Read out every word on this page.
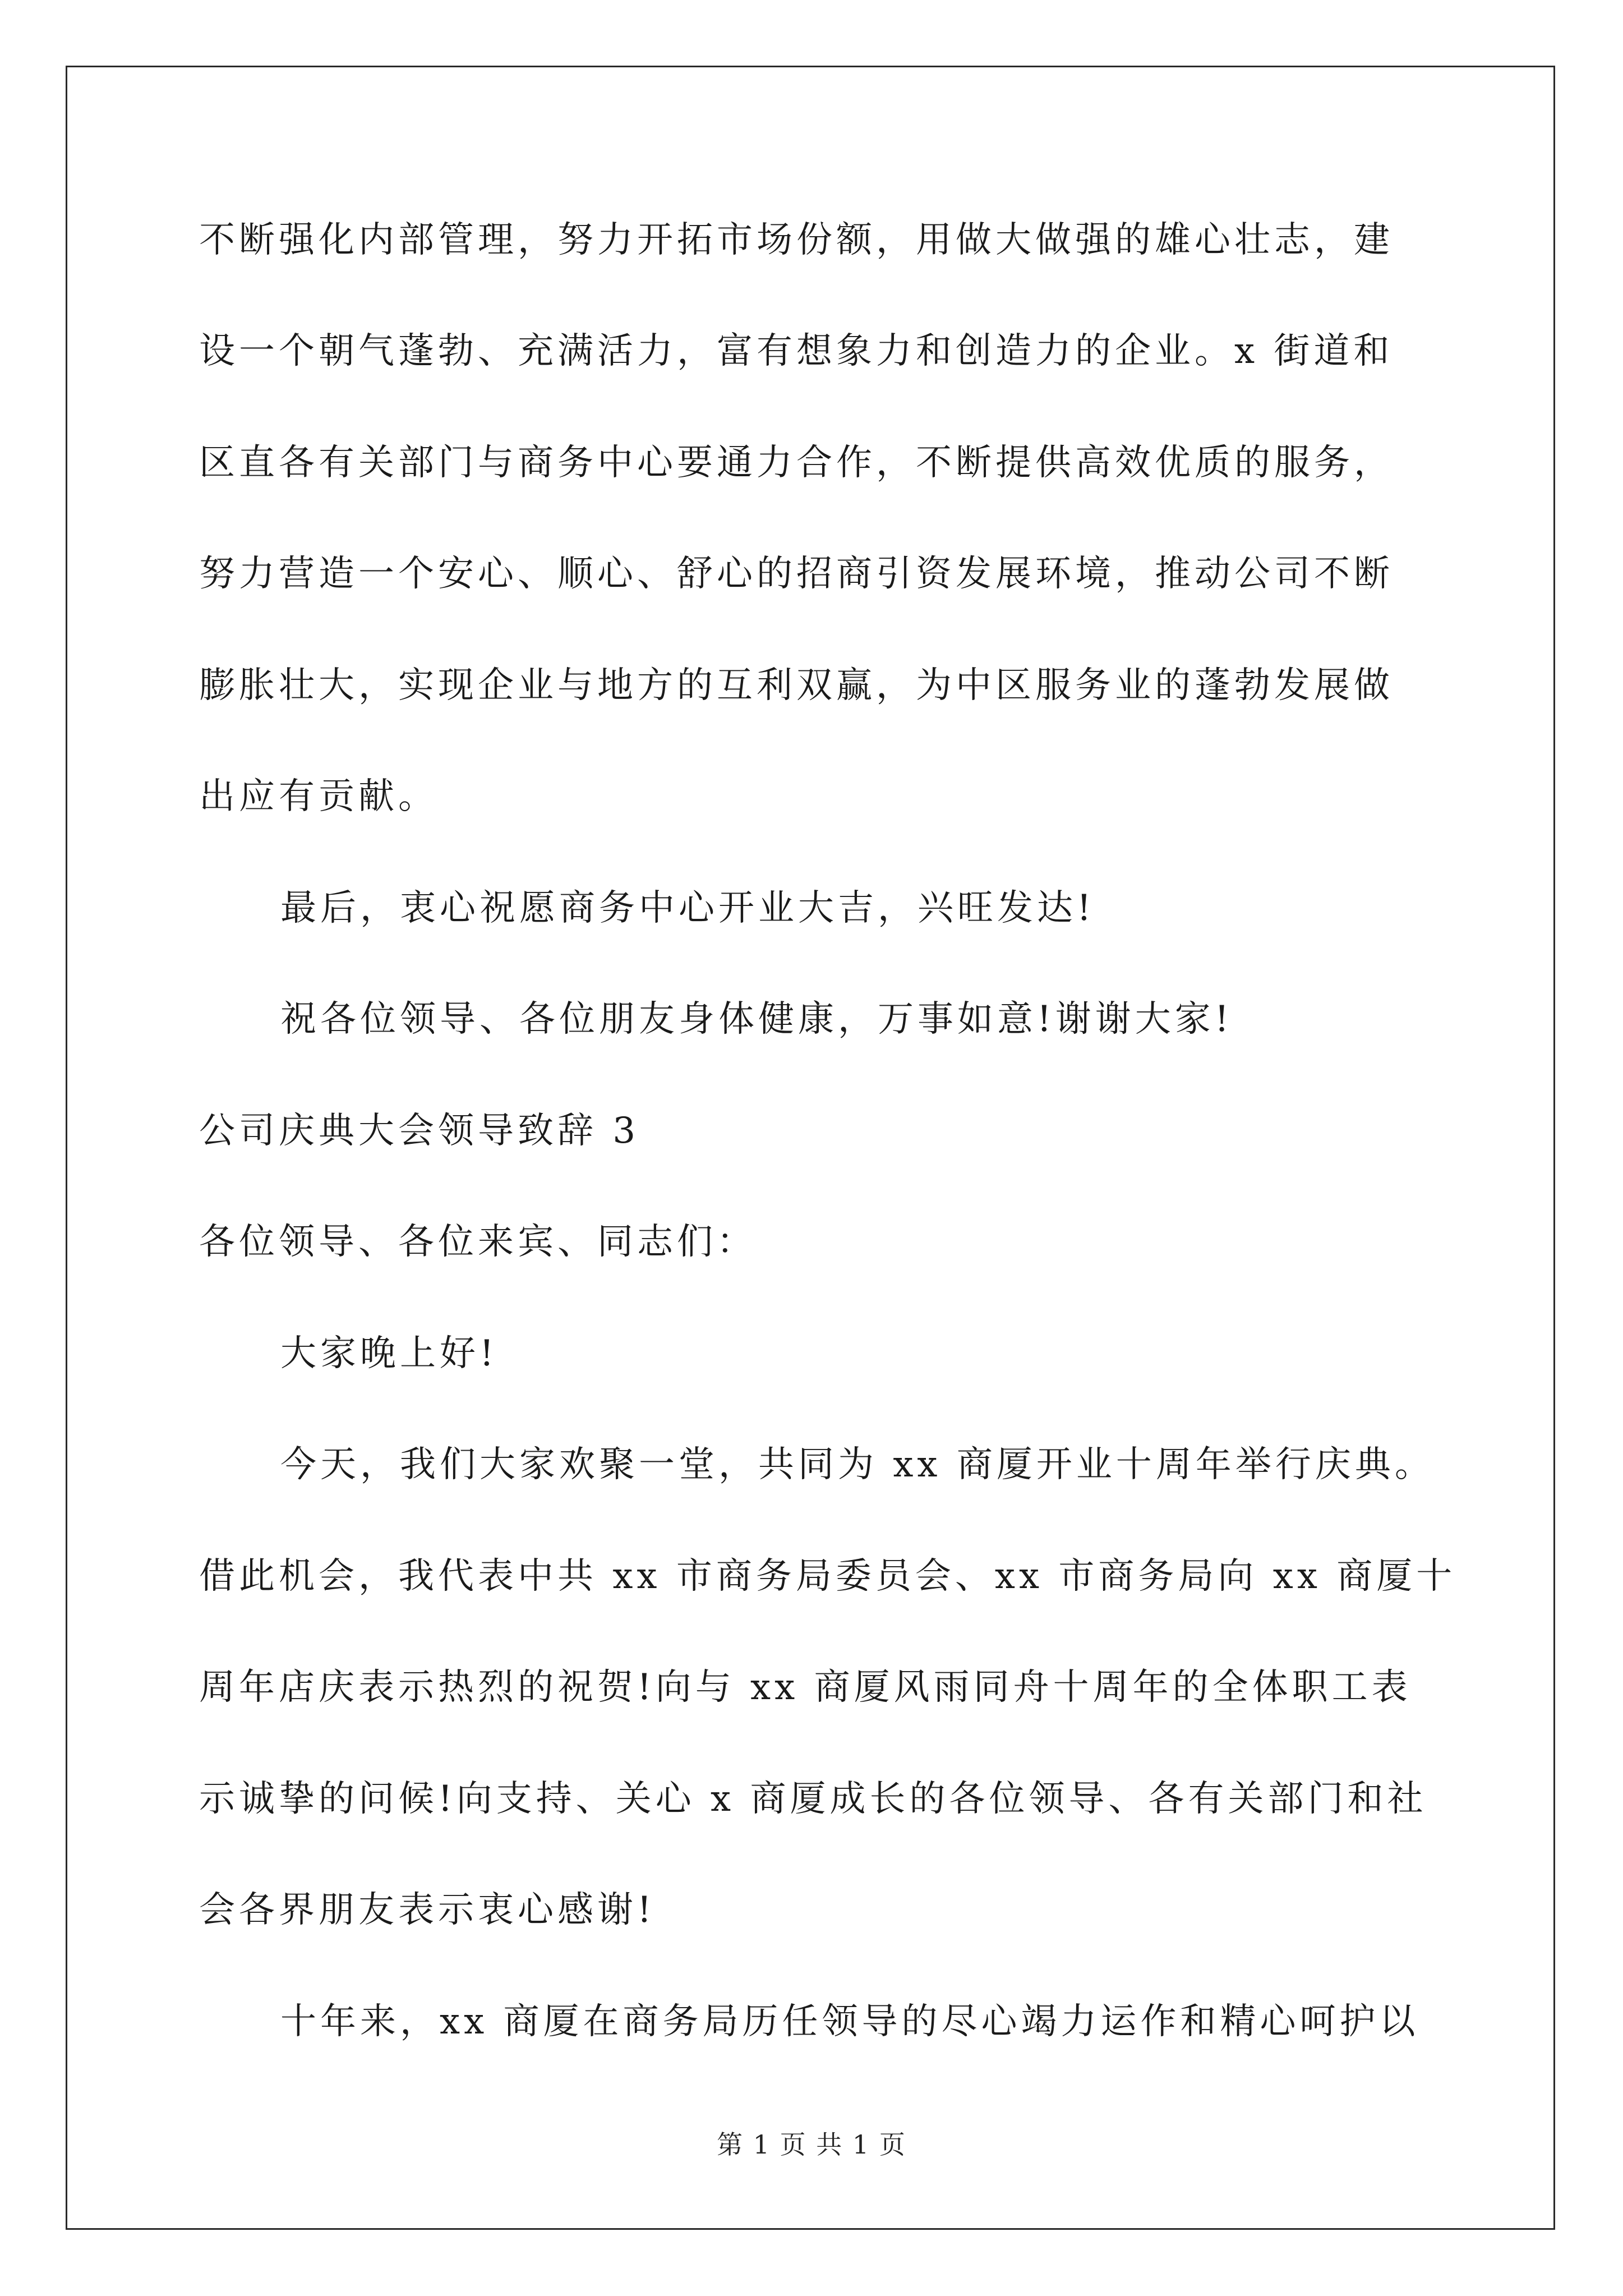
不断强化内部管理，努力开拓市场份额，用做大做强的雄心壮志，建
设一个朝气蓬勃、充满活力，富有想象力和创造力的企业。x 街道和
区直各有关部门与商务中心要通力合作，不断提供高效优质的服务，
努力营造一个安心、顺心、舒心的招商引资发展环境，推动公司不断
膨胀壮大，实现企业与地方的互利双赢，为中区服务业的蓬勃发展做
出应有贡献。
最后，衷心祝愿商务中心开业大吉，兴旺发达!
祝各位领导、各位朋友身体健康，万事如意!谢谢大家!
公司庆典大会领导致辞 3
各位领导、各位来宾、同志们：
大家晚上好!
今天，我们大家欢聚一堂，共同为 xx 商厦开业十周年举行庆典。
借此机会，我代表中共 xx 市商务局委员会、xx 市商务局向 xx 商厦十
周年店庆表示热烈的祝贺!向与 xx 商厦风雨同舟十周年的全体职工表
示诚挚的问候!向支持、关心 x 商厦成长的各位领导、各有关部门和社
会各界朋友表示衷心感谢!
十年来，xx 商厦在商务局历任领导的尽心竭力运作和精心呵护以
第 1 页 共 1 页
